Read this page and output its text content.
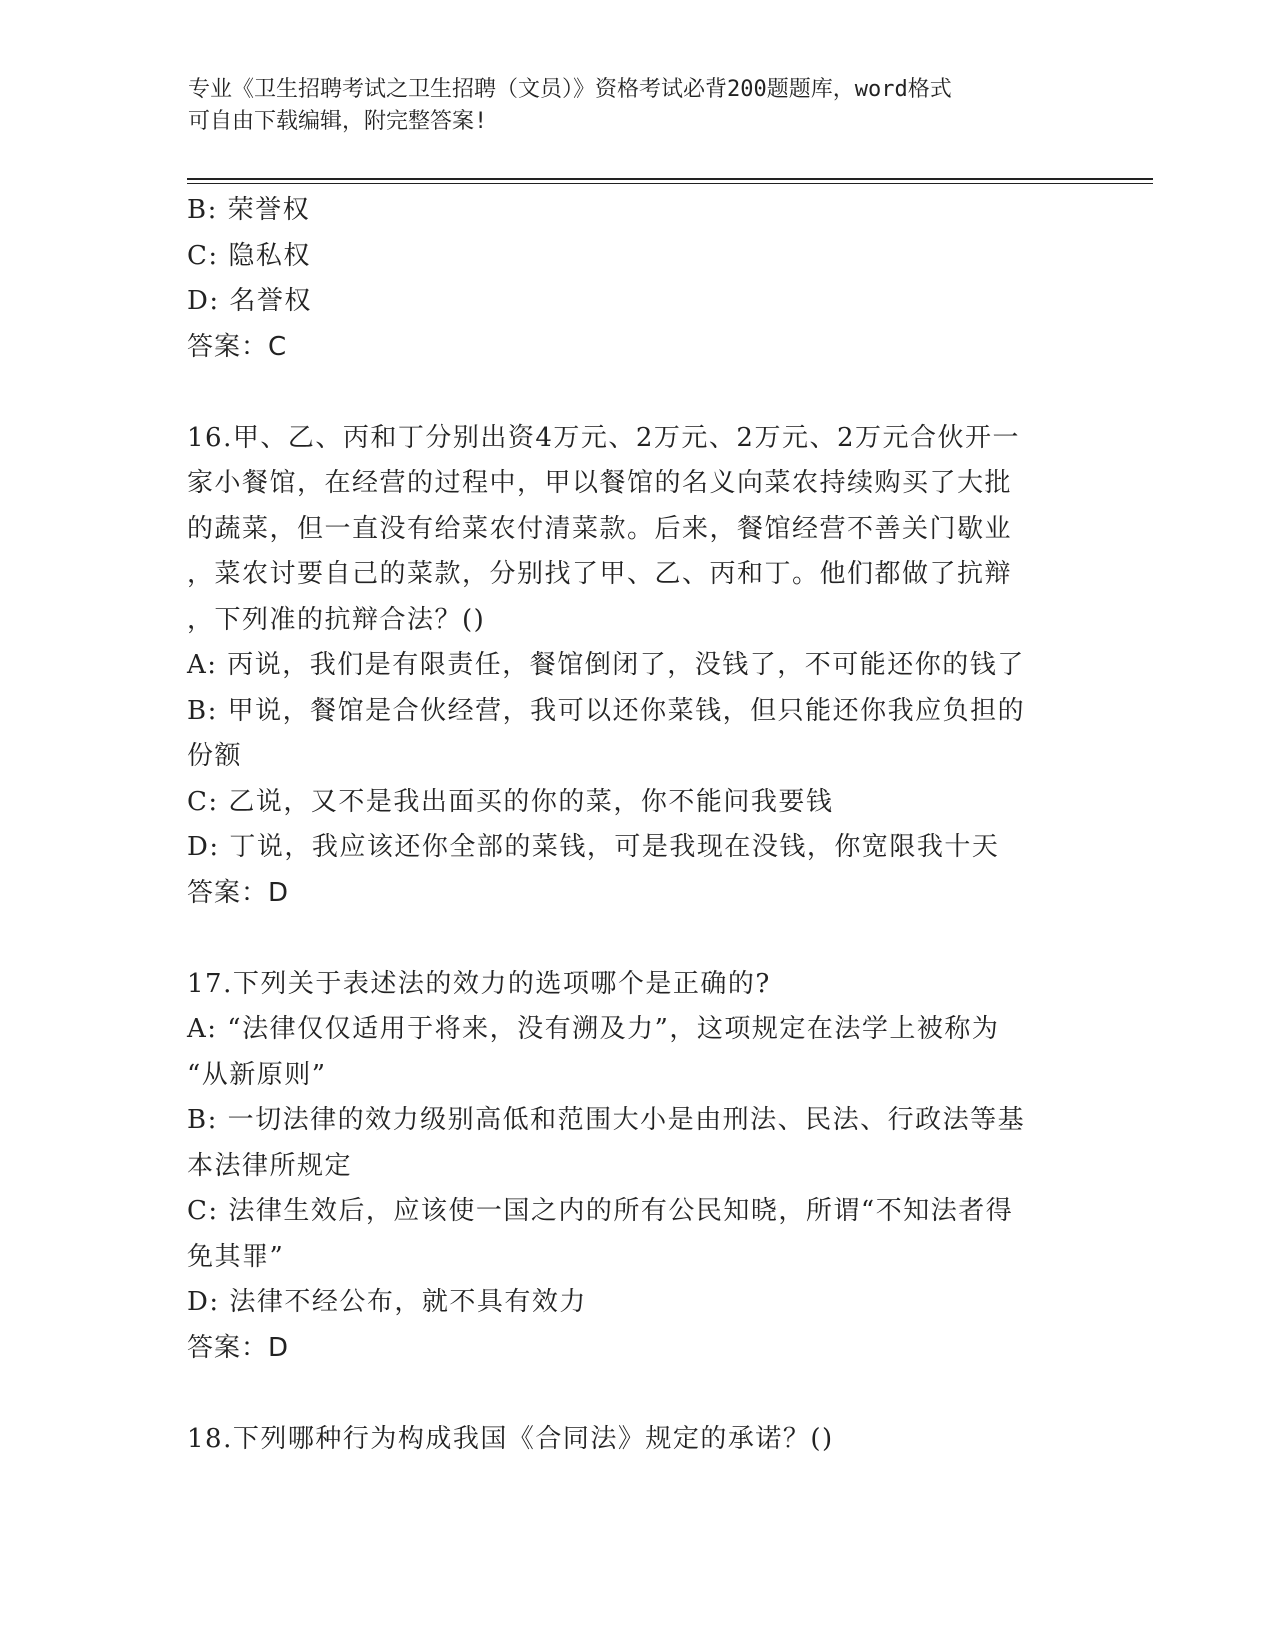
专业《卫生招聘考试之卫生招聘（文员）》资格考试必背200题题库，word格式
可自由下载编辑，附完整答案!
B: 荣誉权
C: 隐私权
D: 名誉权
答案：C
16.甲、乙、丙和丁分别出资4万元、2万元、2万元、2万元合伙开一
家小餐馆，在经营的过程中，甲以餐馆的名义向菜农持续购买了大批
的蔬菜，但一直没有给菜农付清菜款。后来，餐馆经营不善关门歇业
，菜农讨要自己的菜款，分别找了甲、乙、丙和丁。他们都做了抗辩
，下列准的抗辩合法？()
A: 丙说，我们是有限责任，餐馆倒闭了，没钱了，不可能还你的钱了
B: 甲说，餐馆是合伙经营，我可以还你菜钱，但只能还你我应负担的
份额
C: 乙说，又不是我出面买的你的菜，你不能问我要钱
D: 丁说，我应该还你全部的菜钱，可是我现在没钱，你宽限我十天
答案：D
17.下列关于表述法的效力的选项哪个是正确的?
A: “法律仅仅适用于将来，没有溯及力”，这项规定在法学上被称为
“从新原则”
B: 一切法律的效力级别高低和范围大小是由刑法、民法、行政法等基
本法律所规定
C: 法律生效后，应该使一国之内的所有公民知晓，所谓“不知法者得
免其罪”
D: 法律不经公布，就不具有效力
答案：D
18.下列哪种行为构成我国《合同法》规定的承诺？()
